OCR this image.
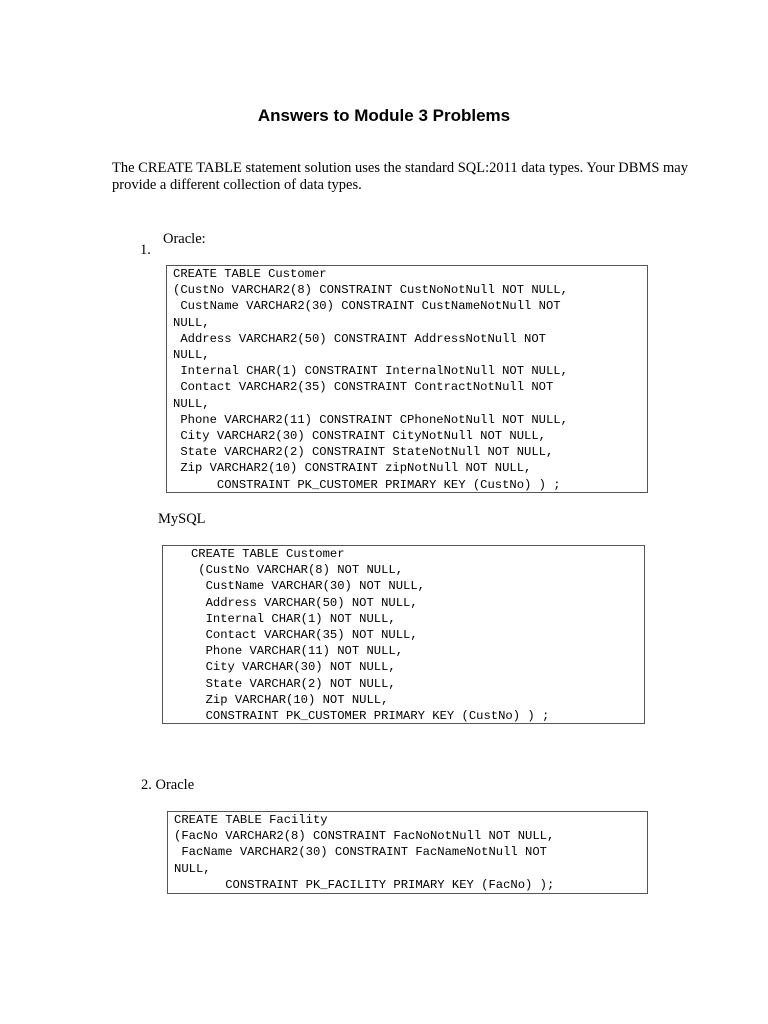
Answers to Module 3 Problems
The CREATE TABLE statement solution uses the standard SQL:2011 data types. Your DBMS may provide a different collection of data types.
1.
Oracle:
CREATE TABLE Customer
(CustNo VARCHAR2(8) CONSTRAINT CustNoNotNull NOT NULL,
CustName VARCHAR2(30) CONSTRAINT CustNameNotNull NOT
NULL,
Address VARCHAR2(50) CONSTRAINT AddressNotNull NOT
NULL,
Internal CHAR(1) CONSTRAINT InternalNotNull NOT NULL,
Contact VARCHAR2(35) CONSTRAINT ContractNotNull NOT
NULL,
Phone VARCHAR2(11) CONSTRAINT CPhoneNotNull NOT NULL,
City VARCHAR2(30) CONSTRAINT CityNotNull NOT NULL,
State VARCHAR2(2) CONSTRAINT StateNotNull NOT NULL,
Zip VARCHAR2(10) CONSTRAINT zipNotNull NOT NULL,
CONSTRAINT PK_CUSTOMER PRIMARY KEY (CustNo) ) ;
MySQL
CREATE TABLE Customer
(CustNo VARCHAR(8) NOT NULL,
CustName VARCHAR(30) NOT NULL,
Address VARCHAR(50) NOT NULL,
Internal CHAR(1) NOT NULL,
Contact VARCHAR(35) NOT NULL,
Phone VARCHAR(11) NOT NULL,
City VARCHAR(30) NOT NULL,
State VARCHAR(2) NOT NULL,
Zip VARCHAR(10) NOT NULL,
CONSTRAINT PK_CUSTOMER PRIMARY KEY (CustNo) ) ;
2. Oracle
CREATE TABLE Facility
(FacNo VARCHAR2(8) CONSTRAINT FacNoNotNull NOT NULL,
FacName VARCHAR2(30) CONSTRAINT FacNameNotNull NOT
NULL,
CONSTRAINT PK_FACILITY PRIMARY KEY (FacNo) );
